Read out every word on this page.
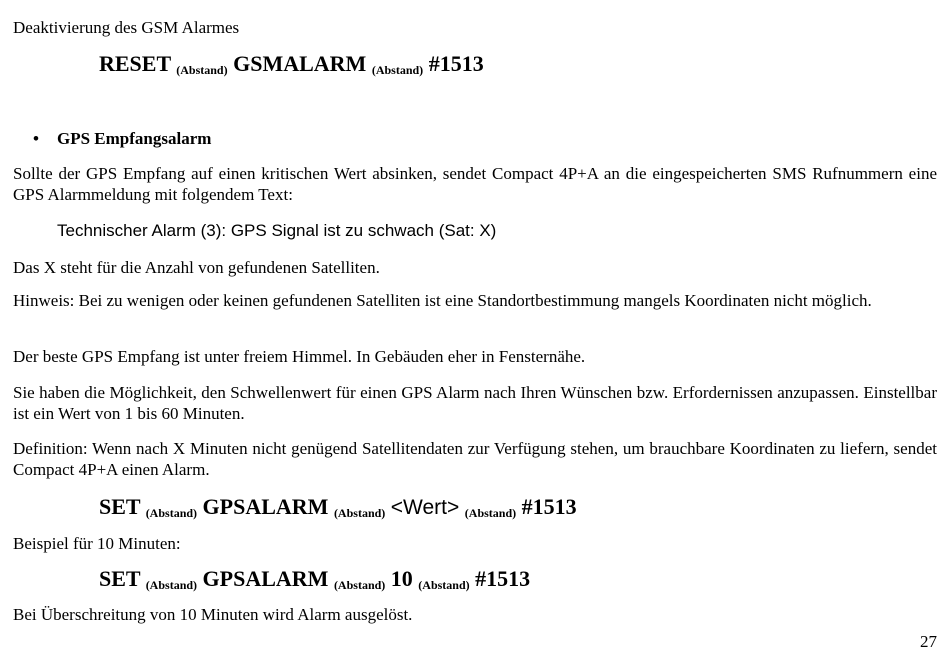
Deaktivierung des GSM Alarmes

RESET (Abstand) GSMALARM (Abstand) #1513
• GPS Empfangsalarm

Sollte der GPS Empfang auf einen kritischen Wert absinken, sendet Compact 4P+A an die eingespeicherten SMS Rufnummern eine GPS Alarmmeldung mit folgendem Text:

Technischer Alarm (3): GPS Signal ist zu schwach (Sat: X)

Das X steht für die Anzahl von gefundenen Satelliten.

Hinweis: Bei zu wenigen oder keinen gefundenen Satelliten ist eine Standortbestimmung mangels Koordinaten nicht möglich.

Der beste GPS Empfang ist unter freiem Himmel. In Gebäuden eher in Fensternähe.

Sie haben die Möglichkeit, den Schwellenwert für einen GPS Alarm nach Ihren Wünschen bzw. Erfordernissen anzupassen. Einstellbar ist ein Wert von 1 bis 60 Minuten.

Definition: Wenn nach X Minuten nicht genügend Satellitendaten zur Verfügung stehen, um brauchbare Koordinaten zu liefern, sendet Compact 4P+A einen Alarm.

SET (Abstand) GPSALARM (Abstand) <Wert> (Abstand) #1513

Beispiel für 10 Minuten:

SET (Abstand) GPSALARM (Abstand) 10 (Abstand) #1513

Bei Überschreitung von 10 Minuten wird Alarm ausgelöst.

27
